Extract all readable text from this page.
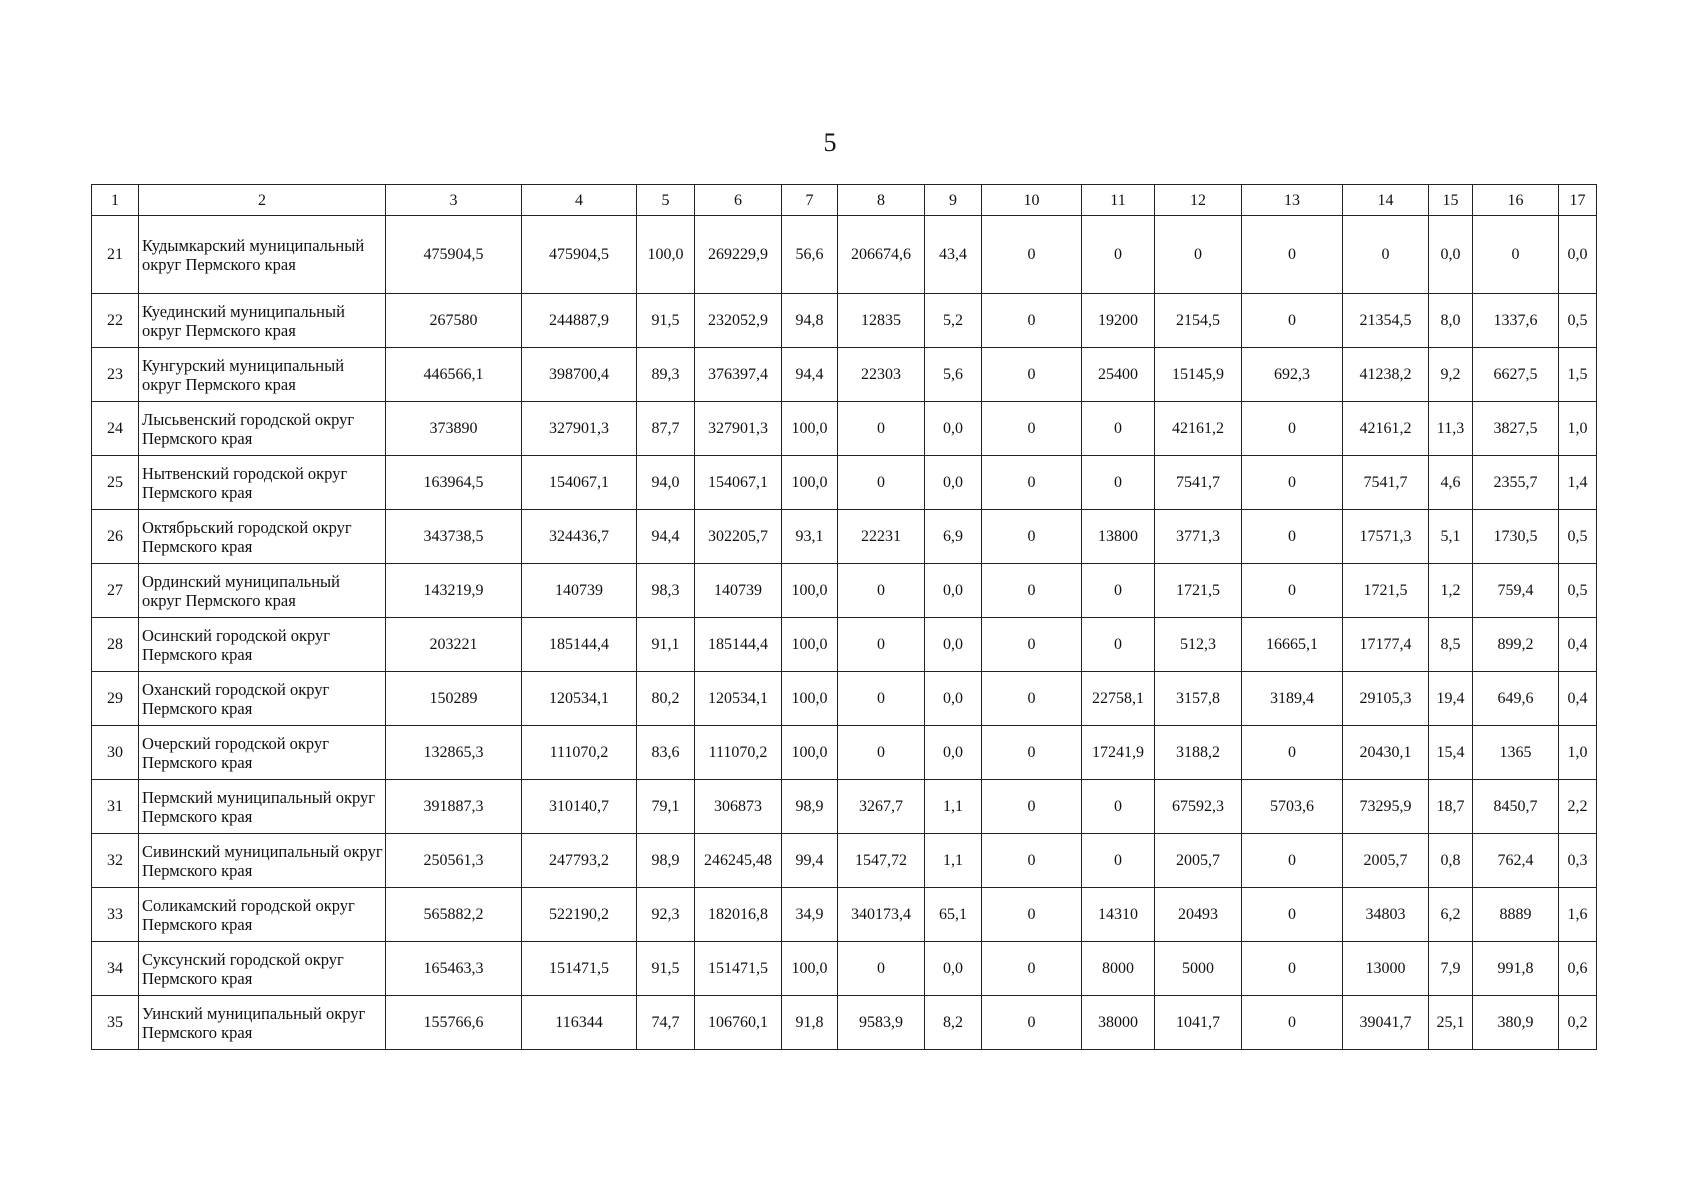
5
1	2	3	4	5	6	7	8	9	10	11	12	13	14	15	16	17
21	Кудымкарский муниципальный округ Пермского края	475904,5	475904,5	100,0	269229,9	56,6	206674,6	43,4	0	0	0	0	0	0,0	0	0,0
22	Куединский муниципальный округ Пермского края	267580	244887,9	91,5	232052,9	94,8	12835	5,2	0	19200	2154,5	0	21354,5	8,0	1337,6	0,5
23	Кунгурский муниципальный округ Пермского края	446566,1	398700,4	89,3	376397,4	94,4	22303	5,6	0	25400	15145,9	692,3	41238,2	9,2	6627,5	1,5
24	Лысьвенский городской округ Пермского края	373890	327901,3	87,7	327901,3	100,0	0	0,0	0	0	42161,2	0	42161,2	11,3	3827,5	1,0
25	Нытвенский городской округ Пермского края	163964,5	154067,1	94,0	154067,1	100,0	0	0,0	0	0	7541,7	0	7541,7	4,6	2355,7	1,4
26	Октябрьский городской округ Пермского края	343738,5	324436,7	94,4	302205,7	93,1	22231	6,9	0	13800	3771,3	0	17571,3	5,1	1730,5	0,5
27	Ординский муниципальный округ Пермского края	143219,9	140739	98,3	140739	100,0	0	0,0	0	0	1721,5	0	1721,5	1,2	759,4	0,5
28	Осинский городской округ Пермского края	203221	185144,4	91,1	185144,4	100,0	0	0,0	0	0	512,3	16665,1	17177,4	8,5	899,2	0,4
29	Оханский городской округ Пермского края	150289	120534,1	80,2	120534,1	100,0	0	0,0	0	22758,1	3157,8	3189,4	29105,3	19,4	649,6	0,4
30	Очерский городской округ Пермского края	132865,3	111070,2	83,6	111070,2	100,0	0	0,0	0	17241,9	3188,2	0	20430,1	15,4	1365	1,0
31	Пермский муниципальный округ Пермского края	391887,3	310140,7	79,1	306873	98,9	3267,7	1,1	0	0	67592,3	5703,6	73295,9	18,7	8450,7	2,2
32	Сивинский муниципальный округ Пермского края	250561,3	247793,2	98,9	246245,48	99,4	1547,72	1,1	0	0	2005,7	0	2005,7	0,8	762,4	0,3
33	Соликамский городской округ Пермского края	565882,2	522190,2	92,3	182016,8	34,9	340173,4	65,1	0	14310	20493	0	34803	6,2	8889	1,6
34	Суксунский городской округ Пермского края	165463,3	151471,5	91,5	151471,5	100,0	0	0,0	0	8000	5000	0	13000	7,9	991,8	0,6
35	Уинский муниципальный округ Пермского края	155766,6	116344	74,7	106760,1	91,8	9583,9	8,2	0	38000	1041,7	0	39041,7	25,1	380,9	0,2
